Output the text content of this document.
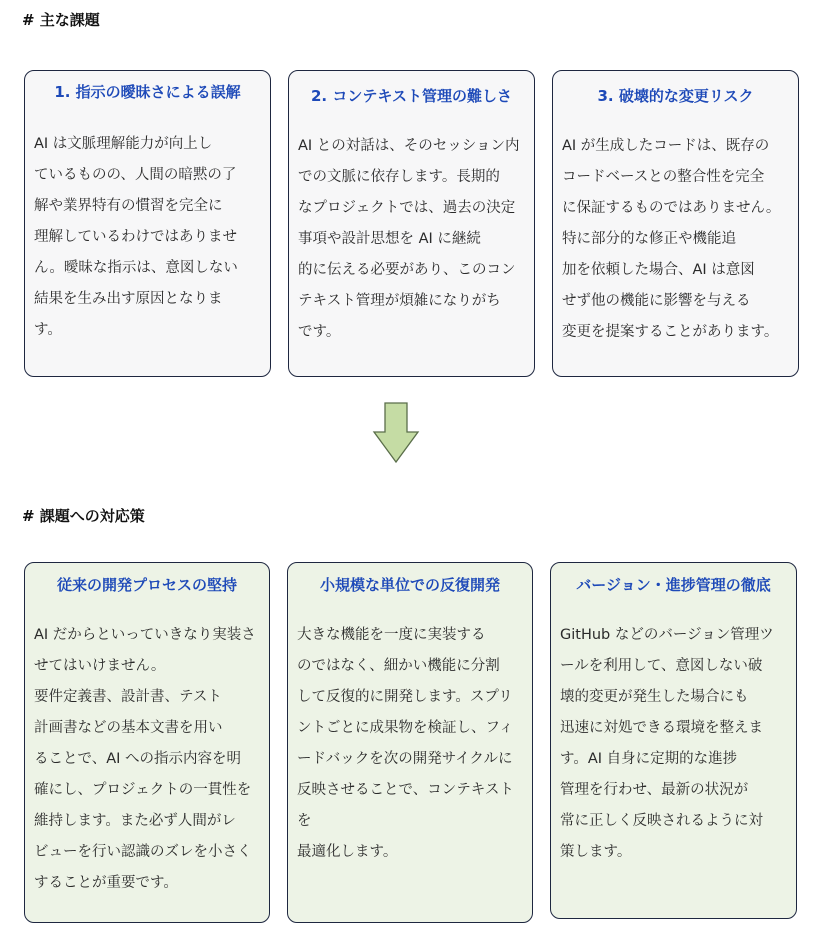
# 主な課題
1. 指示の曖昧さによる誤解

AI は文脈理解能力が向上し
ているものの、人間の暗黙の了
解や業界特有の慣習を完全に
理解しているわけではありませ
ん。曖昧な指示は、意図しない
結果を生み出す原因となりま
す。

2. コンテキスト管理の難しさ

AI との対話は、そのセッション内
での文脈に依存します。長期的
なプロジェクトでは、過去の決定
事項や設計思想を AI に継続
的に伝える必要があり、このコン
テキスト管理が煩雑になりがち
です。

3. 破壊的な変更リスク

AI が生成したコードは、既存の
コードベースとの整合性を完全
に保証するものではありません。
特に部分的な修正や機能追
加を依頼した場合、AI は意図
せず他の機能に影響を与える
変更を提案することがあります。

# 課題への対応策
従来の開発プロセスの堅持

AI だからといっていきなり実装さ
せてはいけません。
要件定義書、設計書、テスト
計画書などの基本文書を用い
ることで、AI への指示内容を明
確にし、プロジェクトの一貫性を
維持します。また必ず人間がレ
ビューを行い認識のズレを小さく
することが重要です。

小規模な単位での反復開発

大きな機能を一度に実装する
のではなく、細かい機能に分割
して反復的に開発します。スプリ
ントごとに成果物を検証し、フィ
ードバックを次の開発サイクルに
反映させることで、コンテキストを
最適化します。

バージョン・進捗管理の徹底

GitHub などのバージョン管理ツ
ールを利用して、意図しない破
壊的変更が発生した場合にも
迅速に対処できる環境を整えま
す。AI 自身に定期的な進捗
管理を行わせ、最新の状況が
常に正しく反映されるように対
策します。
